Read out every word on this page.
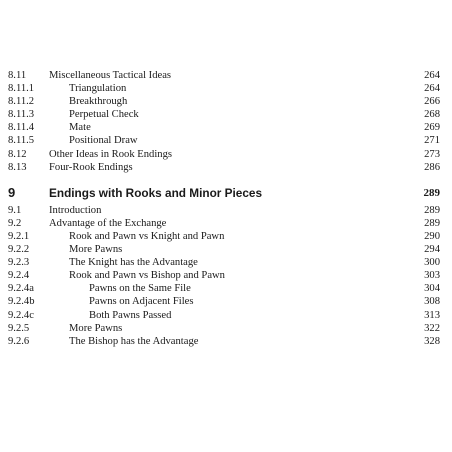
8.11 Miscellaneous Tactical Ideas	264
8.11.1	Triangulation	264
8.11.2	Breakthrough	266
8.11.3	Perpetual Check	268
8.11.4	Mate	269
8.11.5	Positional Draw	271
8.12 Other Ideas in Rook Endings	273
8.13 Four-Rook Endings	286
9	Endings with Rooks and Minor Pieces	289
9.1	Introduction	289
9.2	Advantage of the Exchange	289
9.2.1	Rook and Pawn vs Knight and Pawn	290
9.2.2	More Pawns	294
9.2.3	The Knight has the Advantage	300
9.2.4	Rook and Pawn vs Bishop and Pawn	303
9.2.4a	Pawns on the Same File	304
9.2.4b	Pawns on Adjacent Files	308
9.2.4c	Both Pawns Passed	313
9.2.5	More Pawns	322
9.2.6	The Bishop has the Advantage	328
